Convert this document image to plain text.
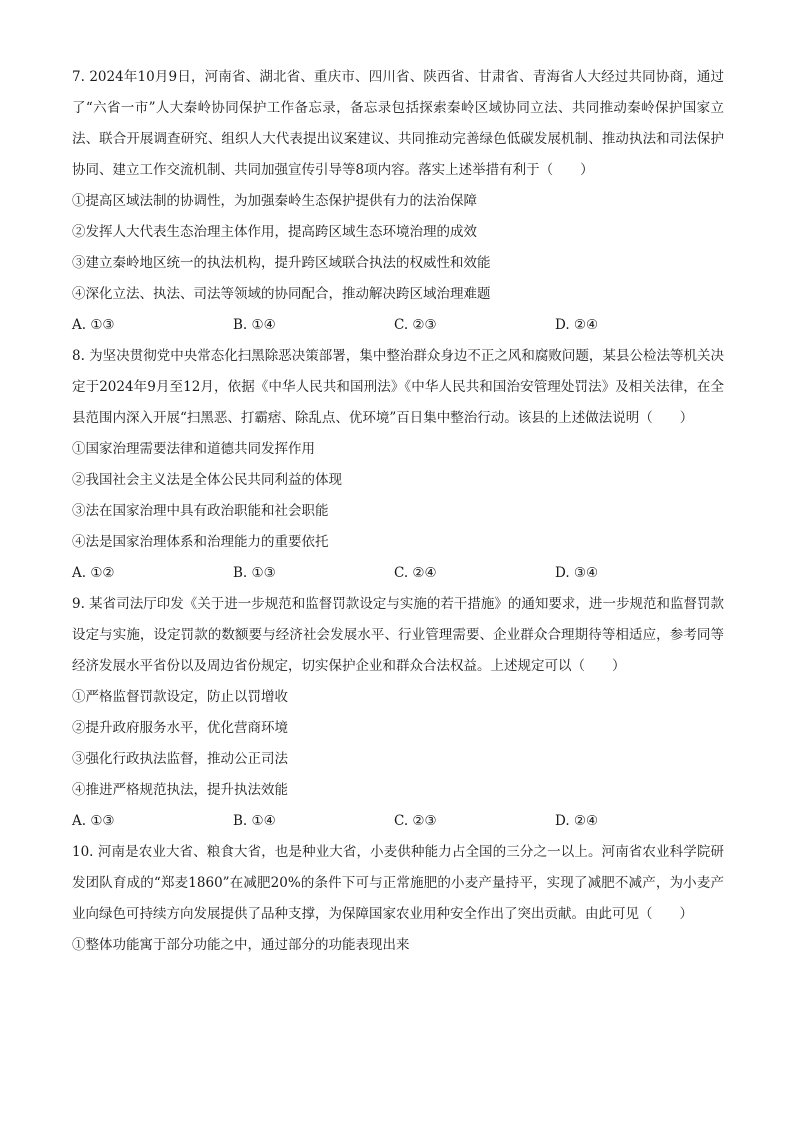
7. 2024年10月9日，河南省、湖北省、重庆市、四川省、陕西省、甘肃省、青海省人大经过共同协商，通过了“六省一市”人大秦岭协同保护工作备忘录，备忘录包括探索秦岭区域协同立法、共同推动秦岭保护国家立法、联合开展调查研究、组织人大代表提出议案建议、共同推动完善绿色低碳发展机制、推动执法和司法保护协同、建立工作交流机制、共同加强宣传引导等8项内容。落实上述举措有利于（　　）

①提高区域法制的协调性，为加强秦岭生态保护提供有力的法治保障

②发挥人大代表生态治理主体作用，提高跨区域生态环境治理的成效

③建立秦岭地区统一的执法机构，提升跨区域联合执法的权威性和效能

④深化立法、执法、司法等领域的协同配合，推动解决跨区域治理难题

A. ①③	B. ①④	C. ②③	D. ②④

8. 为坚决贯彻党中央常态化扫黑除恶决策部署，集中整治群众身边不正之风和腐败问题，某县公检法等机关决定于2024年9月至12月，依据《中华人民共和国刑法》《中华人民共和国治安管理处罚法》及相关法律，在全县范围内深入开展“扫黑恶、打霸痞、除乱点、优环境”百日集中整治行动。该县的上述做法说明（　　）

①国家治理需要法律和道德共同发挥作用

②我国社会主义法是全体公民共同利益的体现

③法在国家治理中具有政治职能和社会职能

④法是国家治理体系和治理能力的重要依托

A. ①②	B. ①③	C. ②④	D. ③④

9. 某省司法厅印发《关于进一步规范和监督罚款设定与实施的若干措施》的通知要求，进一步规范和监督罚款设定与实施，设定罚款的数额要与经济社会发展水平、行业管理需要、企业群众合理期待等相适应，参考同等经济发展水平省份以及周边省份规定，切实保护企业和群众合法权益。上述规定可以（　　）

①严格监督罚款设定，防止以罚增收

②提升政府服务水平，优化营商环境

③强化行政执法监督，推动公正司法

④推进严格规范执法，提升执法效能

A. ①③	B. ①④	C. ②③	D. ②④

10. 河南是农业大省、粮食大省，也是种业大省，小麦供种能力占全国的三分之一以上。河南省农业科学院研发团队育成的“郑麦1860”在减肥20%的条件下可与正常施肥的小麦产量持平，实现了减肥不减产，为小麦产业向绿色可持续方向发展提供了品种支撑，为保障国家农业用种安全作出了突出贡献。由此可见（　　）

①整体功能寓于部分功能之中，通过部分的功能表现出来
